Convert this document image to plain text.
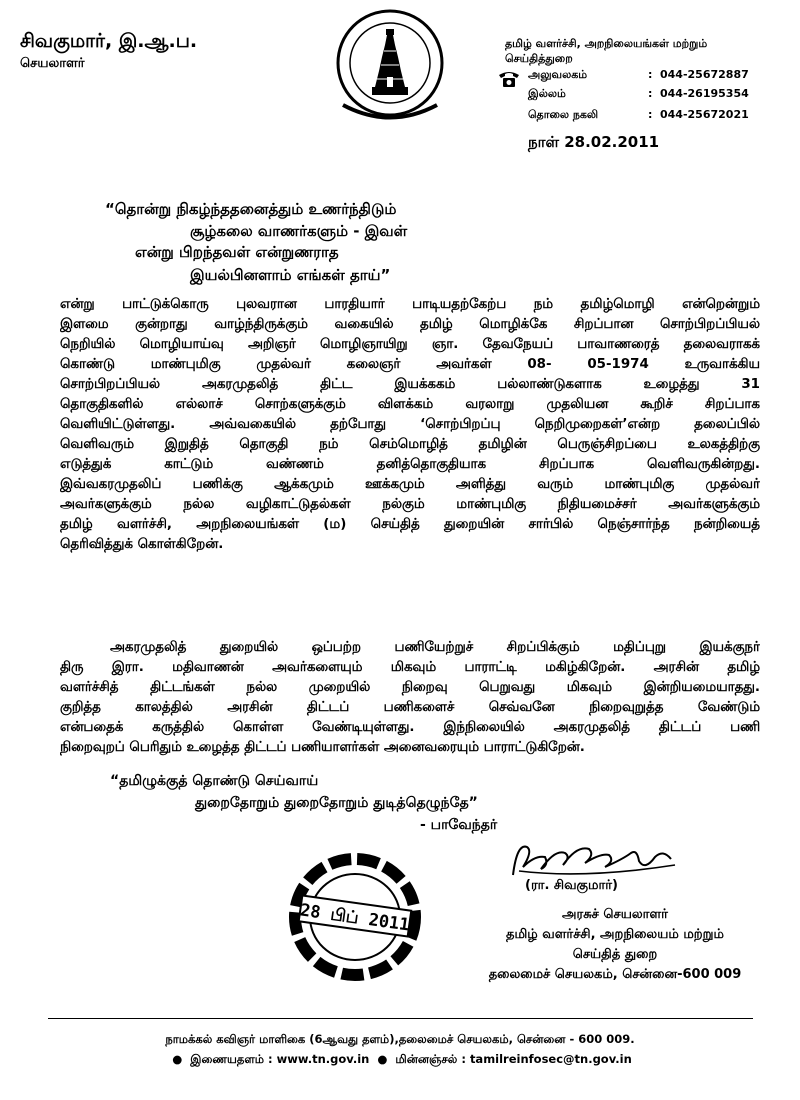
சிவகுமார், இ.ஆ.ப.
செயலாளர்
தமிழ் வளர்ச்சி, அறநிலையங்கள் மற்றும்
செய்தித்துறை
அலுவலகம்	: 044-25672887
இல்லம்	: 044-26195354
தொலை நகலி	: 044-25672021
நாள் 28.02.2011
“தொன்று நிகழ்ந்ததனைத்தும் உணர்ந்திடும்
சூழ்கலை வாணர்களும் - இவள்
என்று பிறந்தவள் என்றுணராத
இயல்பினளாம் எங்கள் தாய்”
என்று பாட்டுக்கொரு புலவரான பாரதியார் பாடியதற்கேற்ப நம் தமிழ்மொழி என்றென்றும்
இளமை குன்றாது வாழ்ந்திருக்கும் வகையில் தமிழ் மொழிக்கே சிறப்பான சொற்பிறப்பியல்
நெறியில் மொழியாய்வு அறிஞர் மொழிஞாயிறு ஞா. தேவநேயப் பாவாணரைத் தலைவராகக்
கொண்டு மாண்புமிகு முதல்வர் கலைஞர் அவர்கள் 08- 05-1974 உருவாக்கிய
சொற்பிறப்பியல் அகரமுதலித் திட்ட இயக்ககம் பல்லாண்டுகளாக உழைத்து 31
தொகுதிகளில் எல்லாச் சொற்களுக்கும் விளக்கம் வரலாறு முதலியன கூறிச் சிறப்பாக
வெளியிட்டுள்ளது. அவ்வகையில் தற்போது ‘சொற்பிறப்பு நெறிமுறைகள்’என்ற தலைப்பில்
வெளிவரும் இறுதித் தொகுதி நம் செம்மொழித் தமிழின் பெருஞ்சிறப்பை உலகத்திற்கு
எடுத்துக் காட்டும் வண்ணம் தனித்தொகுதியாக சிறப்பாக வெளிவருகின்றது.
இவ்வகரமுதலிப் பணிக்கு ஆக்கமும் ஊக்கமும் அளித்து வரும் மாண்புமிகு முதல்வர்
அவர்களுக்கும் நல்ல வழிகாட்டுதல்கள் நல்கும் மாண்புமிகு நிதியமைச்சர் அவர்களுக்கும்
தமிழ் வளர்ச்சி, அறநிலையங்கள் (ம) செய்தித் துறையின் சார்பில் நெஞ்சார்ந்த நன்றியைத்
தெரிவித்துக் கொள்கிறேன்.
அகரமுதலித் துறையில் ஒப்பற்ற பணியேற்றுச் சிறப்பிக்கும் மதிப்புறு இயக்குநர்
திரு இரா. மதிவாணன் அவர்களையும் மிகவும் பாராட்டி மகிழ்கிறேன். அரசின் தமிழ்
வளர்ச்சித் திட்டங்கள் நல்ல முறையில் நிறைவு பெறுவது மிகவும் இன்றியமையாதது.
குறித்த காலத்தில் அரசின் திட்டப் பணிகளைச் செவ்வனே நிறைவுறுத்த வேண்டும்
என்பதைக் கருத்தில் கொள்ள வேண்டியுள்ளது. இந்நிலையில் அகரமுதலித் திட்டப் பணி
நிறைவுறப் பெரிதும் உழைத்த திட்டப் பணியாளர்கள் அனைவரையும் பாராட்டுகிறேன்.
“தமிழுக்குத் தொண்டு செய்வாய்
துறைதோறும் துறைதோறும் துடித்தெழுந்தே”
- பாவேந்தர்
28 பிப் 2011
(ரா. சிவகுமார்)
அரசுச் செயலாளர்
தமிழ் வளர்ச்சி, அறநிலையம் மற்றும்
செய்தித் துறை
தலைமைச் செயலகம், சென்னை-600 009
நாமக்கல் கவிஞர் மாளிகை (6ஆவது தளம்),தலைமைச் செயலகம், சென்னை - 600 009.
● இணையதளம் : www.tn.gov.in ● மின்னஞ்சல் : tamilreinfosec@tn.gov.in
